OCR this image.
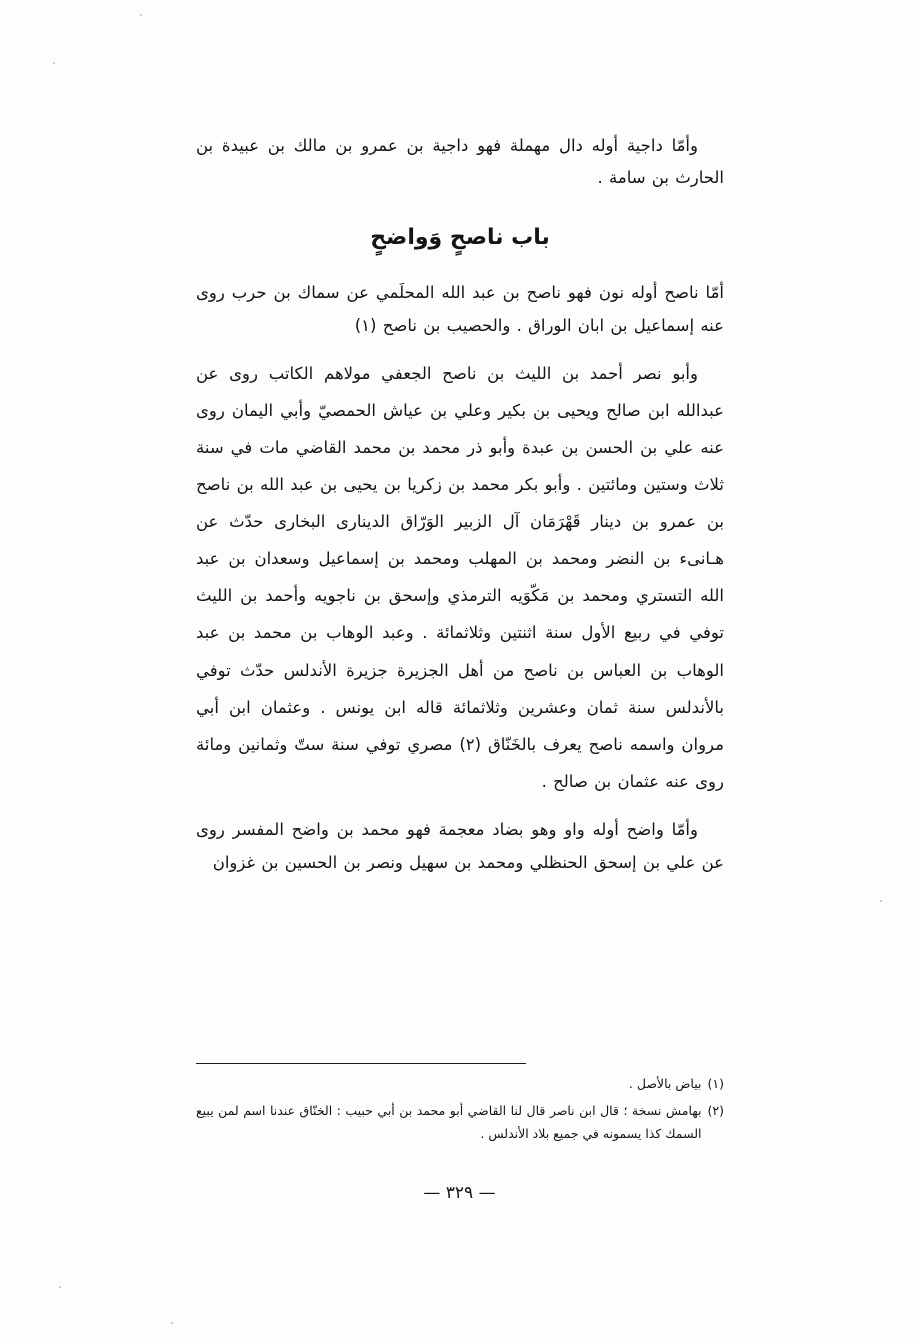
وأمّا داجية أوله دال مهملة فهو داجية بن عمرو بن مالك بن عبيدة بن الحارث بن سامة .

باب ناصحٍ وَواضحٍ

أمّا ناصح أوله نون فهو ناصح بن عبد الله المحلَمي عن سماك بن حرب روى عنه إسماعيل بن ابان الوراق . والحصيب بن ناصح (١)

وأبو نصر أحمد بن الليث بن ناصح الجعفي مولاهم الكاتب روى عن عبدالله ابن صالح ويحيى بن بكير وعلي بن عياش الحمصيّ وأبي اليمان روى عنه علي بن الحسن بن عبدة وأبو ذر محمد بن محمد القاضي مات في سنة ثلاث وستين ومائتين . وأبو بكر محمد بن زكريا بن يحيى بن عبد الله بن ناصح بن عمرو بن دينار قَهْرَمَان آل الزبير الوَرّاق الدينارى البخارى حدّث عن هـانىء بن النضر ومحمد بن المهلب ومحمد بن إسماعيل وسعدان بن عبد الله التستري ومحمد بن مَكّوَيه الترمذي وإسحق بن ناجويه وأحمد بن الليث توفي في ربيع الأول سنة اثنتين وثلاثمائة . وعبد الوهاب بن محمد بن عبد الوهاب بن العباس بن ناصح من أهل الجزيرة جزيرة الأندلس حدّث توفي بالأندلس سنة ثمان وعشرين وثلاثمائة قاله ابن يونس . وعثمان ابن أبي مروان واسمه ناصح يعرف بالخَنّاق (٢) مصري توفي سنة ستّ وثمانين ومائة روى عنه عثمان بن صالح .

وأمّا واضح أوله واو وهو بضاد معجمة فهو محمد بن واضح المفسر روى عن علي بن إسحق الحنظلي ومحمد بن سهيل ونصر بن الحسين بن غزوان

(١)
بياض بالأصل .
(٢)
بهامش نسخة ؛ قال ابن ناصر قال لنا القاضي أبو محمد بن أبي حبيب : الخنّاق عندنا اسم لمن يبيع السمك كذا يسمونه في جميع بلاد الأندلس .
— ٣٢٩ —
